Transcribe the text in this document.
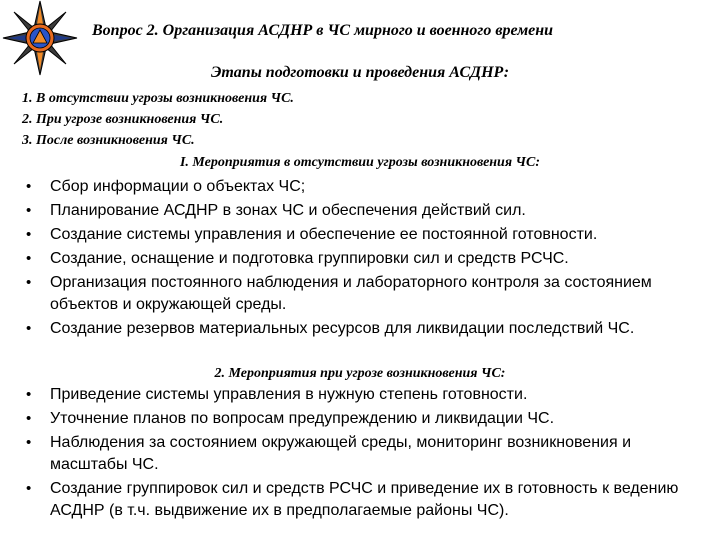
Вопрос 2. Организация АСДНР в ЧС мирного и военного времени
Этапы подготовки и проведения АСДНР:
1. В отсутствии угрозы возникновения ЧС.
2. При угрозе возникновения ЧС.
3. После возникновения ЧС.
I. Мероприятия в отсутствии угрозы возникновения ЧС:
• Сбор информации о объектах ЧС;
• Планирование АСДНР в зонах ЧС и обеспечения действий сил.
• Создание системы управления и обеспечение ее постоянной готовности.
• Создание, оснащение и подготовка группировки сил и средств РСЧС.
• Организация постоянного наблюдения и лабораторного контроля за состоянием объектов и окружающей среды.
• Создание резервов материальных ресурсов для ликвидации последствий ЧС.
2. Мероприятия при угрозе возникновения ЧС:
• Приведение системы управления в нужную степень готовности.
• Уточнение планов по вопросам предупреждению и ликвидации ЧС.
• Наблюдения за состоянием окружающей среды, мониторинг возникновения и масштабы ЧС.
• Создание группировок сил и средств РСЧС и приведение их в готовность к ведению АСДНР (в т.ч. выдвижение их в предполагаемые районы ЧС).
